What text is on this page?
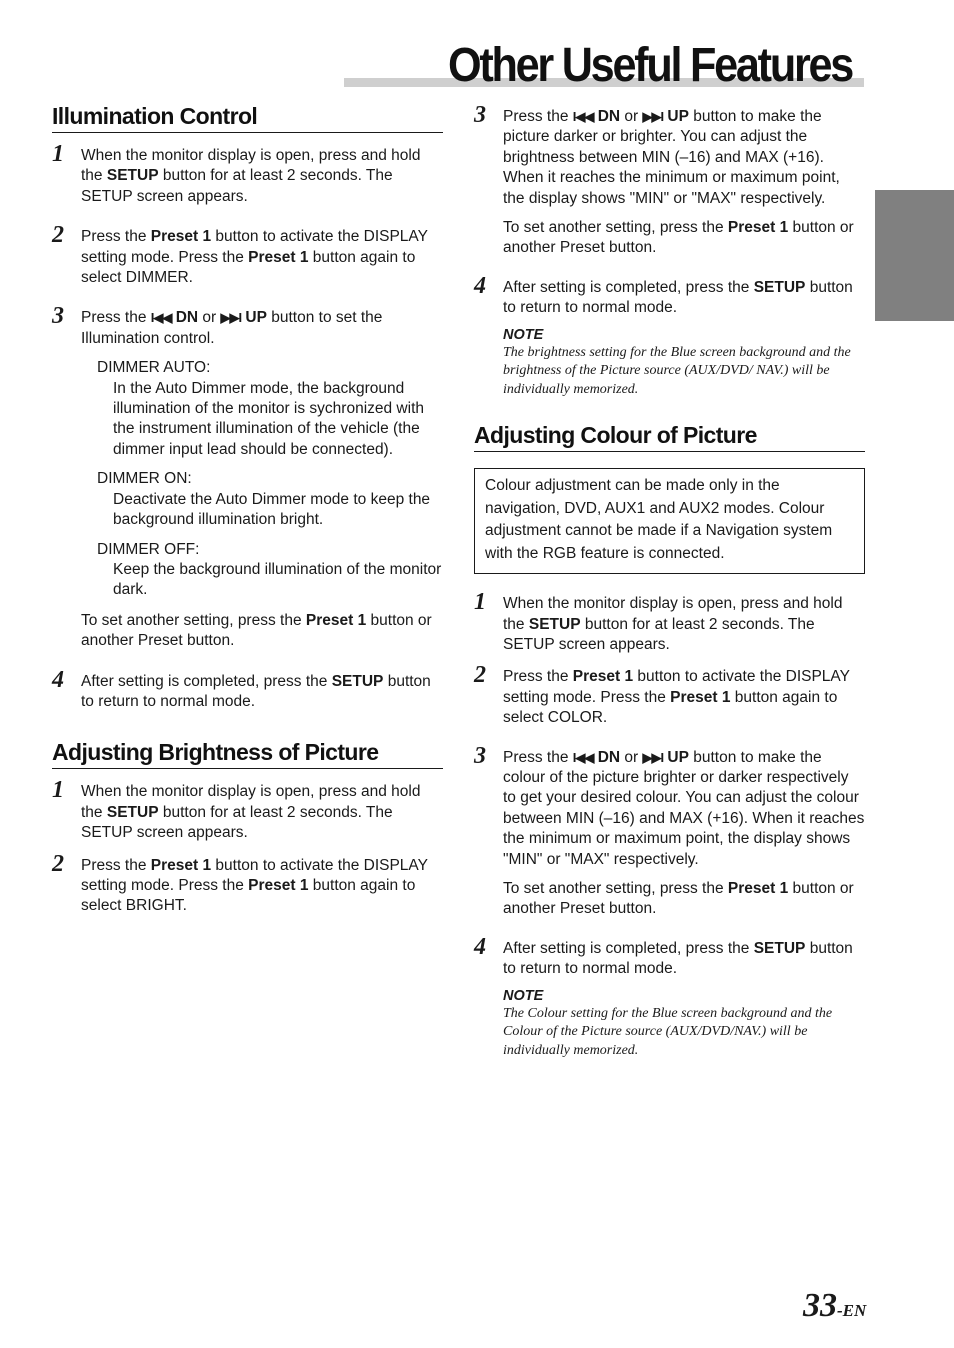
Other Useful Features
Illumination Control
1 When the monitor display is open, press and hold the SETUP button for at least 2 seconds. The SETUP screen appears.

2 Press the Preset 1 button to activate the DISPLAY setting mode. Press the Preset 1 button again to select DIMMER.

3 Press the I◀◀ DN or ▶▶I UP button to set the Illumination control.

DIMMER AUTO:

In the Auto Dimmer mode, the background illumination of the monitor is sychronized with the instrument illumination of the vehicle (the dimmer input lead should be connected).

DIMMER ON:

Deactivate the Auto Dimmer mode to keep the background illumination bright.

DIMMER OFF:

Keep the background illumination of the monitor dark.

To set another setting, press the Preset 1 button or another Preset button.

4 After setting is completed, press the SETUP button to return to normal mode.

Adjusting Brightness of Picture
1 When the monitor display is open, press and hold the SETUP button for at least 2 seconds. The SETUP screen appears.

2 Press the Preset 1 button to activate the DISPLAY setting mode. Press the Preset 1 button again to select BRIGHT.

3 Press the I◀◀ DN or ▶▶I UP button to make the picture darker or brighter. You can adjust the brightness between MIN (–16) and MAX (+16). When it reaches the minimum or maximum point, the display shows "MIN" or "MAX" respectively.

To set another setting, press the Preset 1 button or another Preset button.

4 After setting is completed, press the SETUP button to return to normal mode.

NOTE

The brightness setting for the Blue screen background and the brightness of the Picture source (AUX/DVD/ NAV.) will be individually memorized.

Adjusting Colour of Picture

Colour adjustment can be made only in the navigation, DVD, AUX1 and AUX2 modes. Colour adjustment cannot be made if a Navigation system with the RGB feature is connected.

1 When the monitor display is open, press and hold the SETUP button for at least 2 seconds. The SETUP screen appears.

2 Press the Preset 1 button to activate the DISPLAY setting mode. Press the Preset 1 button again to select COLOR.

3 Press the I◀◀ DN or ▶▶I UP button to make the colour of the picture brighter or darker respectively to get your desired colour. You can adjust the colour between MIN (–16) and MAX (+16). When it reaches the minimum or maximum point, the display shows "MIN" or "MAX" respectively.

To set another setting, press the Preset 1 button or another Preset button.

4 After setting is completed, press the SETUP button to return to normal mode.

NOTE

The Colour setting for the Blue screen background and the Colour of the Picture source (AUX/DVD/NAV.) will be individually memorized.

33-EN
